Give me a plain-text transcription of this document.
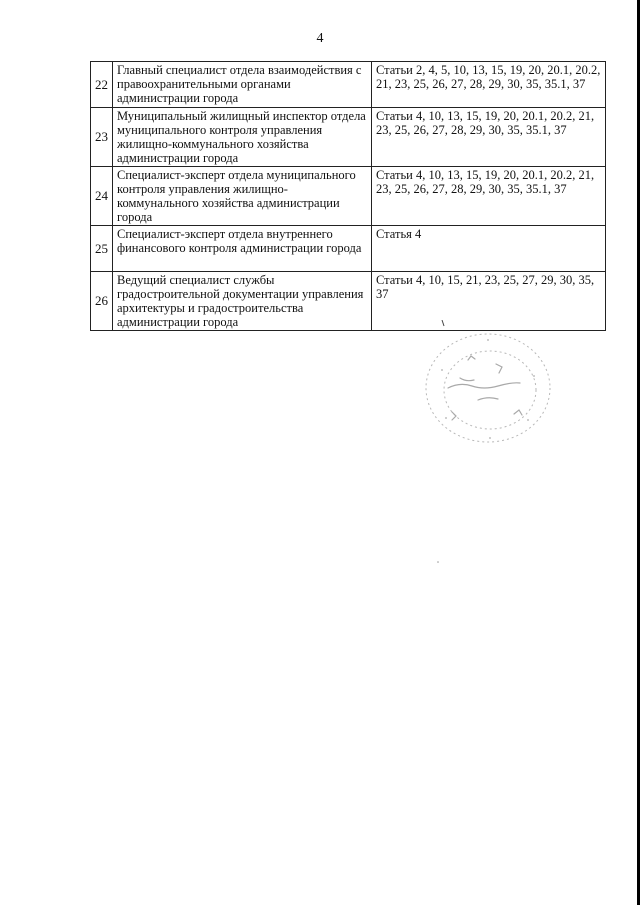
4
22	Главный специалист отдела взаимодействия с правоохранительными органами администрации города	Статьи 2, 4, 5, 10, 13, 15, 19, 20, 20.1, 20.2, 21, 23, 25, 26, 27, 28, 29, 30, 35, 35.1, 37
23	Муниципальный жилищный инспектор отдела муниципального контроля управления жилищно-коммунального хозяйства администрации города	Статьи 4, 10, 13, 15, 19, 20, 20.1, 20.2, 21, 23, 25, 26, 27, 28, 29, 30, 35, 35.1, 37
24	Специалист-эксперт отдела муниципального контроля управления жилищно-коммунального хозяйства администрации города	Статьи 4, 10, 13, 15, 19, 20, 20.1, 20.2, 21, 23, 25, 26, 27, 28, 29, 30, 35, 35.1, 37
25	Специалист-эксперт отдела внутреннего финансового контроля администрации города	Статья 4
26	Ведущий специалист службы градостроительной документации управления архитектуры и градостроительства администрации города	Статьи 4, 10, 15, 21, 23, 25, 27, 29, 30, 35, 37
